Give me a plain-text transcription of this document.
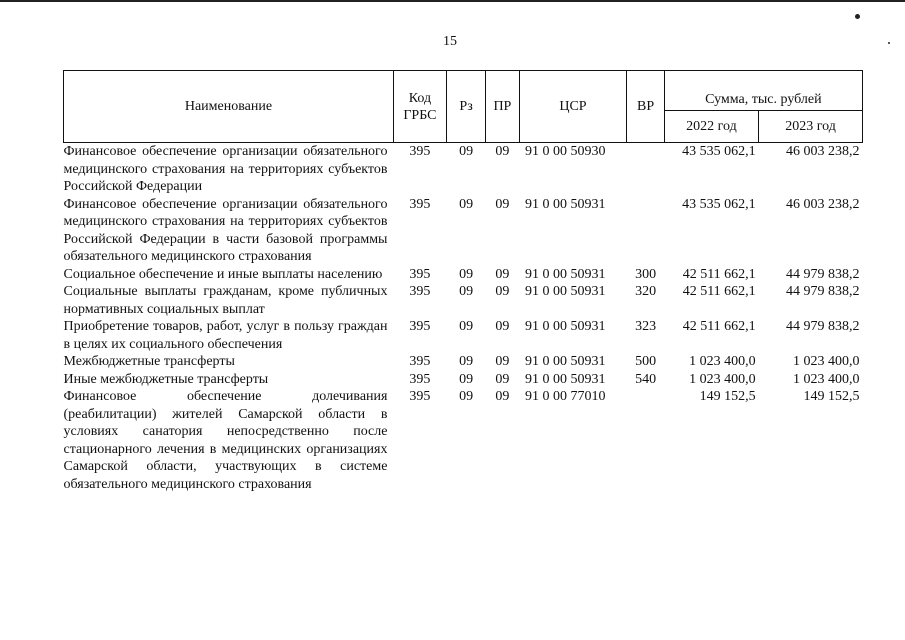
15
Наименование	Код ГРБС	Рз	ПР	ЦСР	ВР	Сумма, тыс. рублей	
						2022 год	2023 год
Финансовое обеспечение организации обязательного медицинского страхования на территориях субъектов Российской Федерации	395	09	09	91 0 00 50930		43 535 062,1	46 003 238,2
Финансовое обеспечение организации обязательного медицинского страхования на территориях субъектов Российской Федерации в части базовой программы обязательного медицинского страхования	395	09	09	91 0 00 50931		43 535 062,1	46 003 238,2
Социальное обеспечение и иные выплаты населению	395	09	09	91 0 00 50931	300	42 511 662,1	44 979 838,2
Социальные выплаты гражданам, кроме публичных нормативных социальных выплат	395	09	09	91 0 00 50931	320	42 511 662,1	44 979 838,2
Приобретение товаров, работ, услуг в пользу граждан в целях их социального обеспечения	395	09	09	91 0 00 50931	323	42 511 662,1	44 979 838,2
Межбюджетные трансферты	395	09	09	91 0 00 50931	500	1 023 400,0	1 023 400,0
Иные межбюджетные трансферты	395	09	09	91 0 00 50931	540	1 023 400,0	1 023 400,0
Финансовое обеспечение долечивания (реабилитации) жителей Самарской области в условиях санатория непосредственно после стационарного лечения в медицинских организациях Самарской области, участвующих в системе обязательного медицинского страхования	395	09	09	91 0 00 77010		149 152,5	149 152,5
